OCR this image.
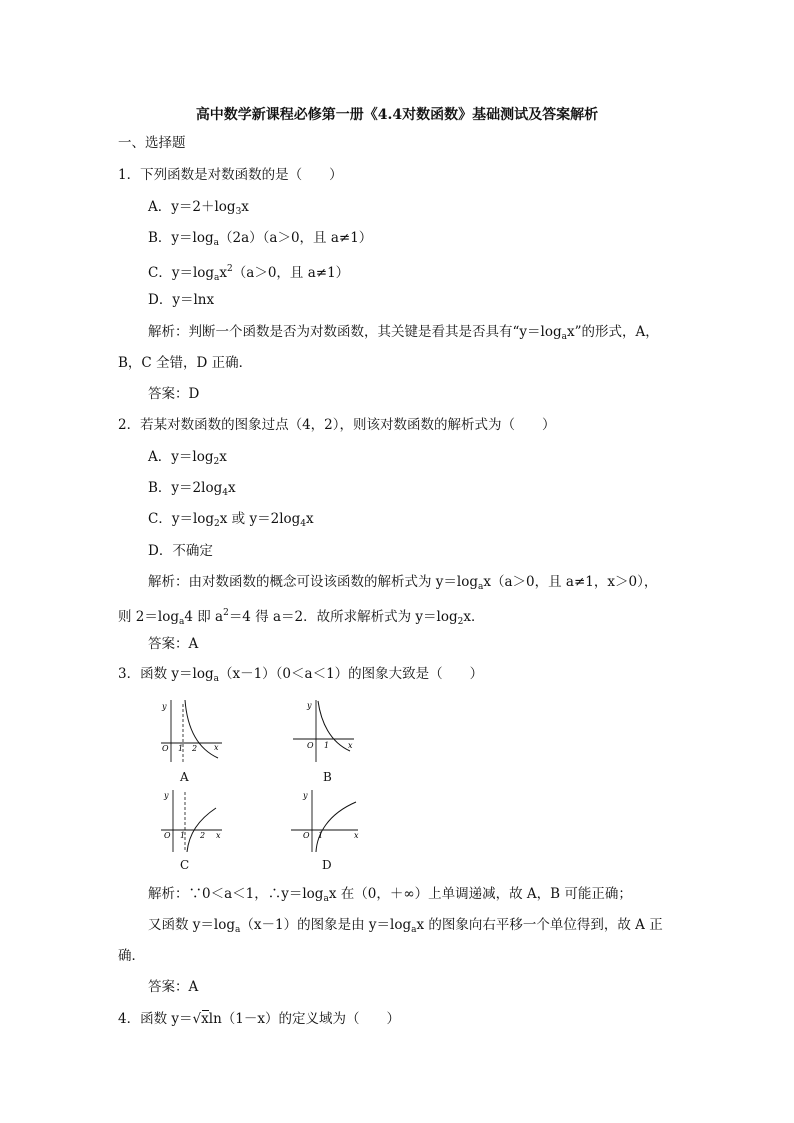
高中数学新课程必修第一册《4.4对数函数》基础测试及答案解析
一、选择题
1．下列函数是对数函数的是（　　）
A．$y=2+\log_3x$
B．$y=\log_a(2a)(a>0$，且 a≠1）
C．$y=\log_ax^2(a>0$，且 a≠1）
D．y＝lnx
解析：判断一个函数是否为对数函数，其关键是看其是否具有“$y=\log_ax$”的形式，A，
B，C 全错，D 正确．
答案：D
2．若某对数函数的图象过点（4，2），则该对数函数的解析式为（　　）
A．$y=\log_2x$
B．$y=2\log_4x$
C．$y=\log_2x$ 或 $y=2\log_4x$
D．不确定
解析：由对数函数的概念可设该函数的解析式为 $y=\log_ax(a>0$，且 a≠1，x＞0），
则 $2=\log_a4$ 即 $a^2=4$ 得 a＝2．故所求解析式为 $y=\log_2x$．
答案：A
3．函数 $y=\log_a(x-1)(0<a<1)$的图象大致是（　　）
y
x
O 1 2
A
y
x
O 1
B
y
x
O 1 2
C
y
x
O 1
D
解析：∵0＜a＜1，$\therefore y=\log_ax$ 在（0，＋∞）上单调递减，故 A，B 可能正确；
又函数 $y=\log_a(x-1)$的图象是由 $y=\log_ax$ 的图象向右平移一个单位得到，故 A 正
确．
答案：A
4．函数 y＝√
xln（1－x）的定义域为（　　）
